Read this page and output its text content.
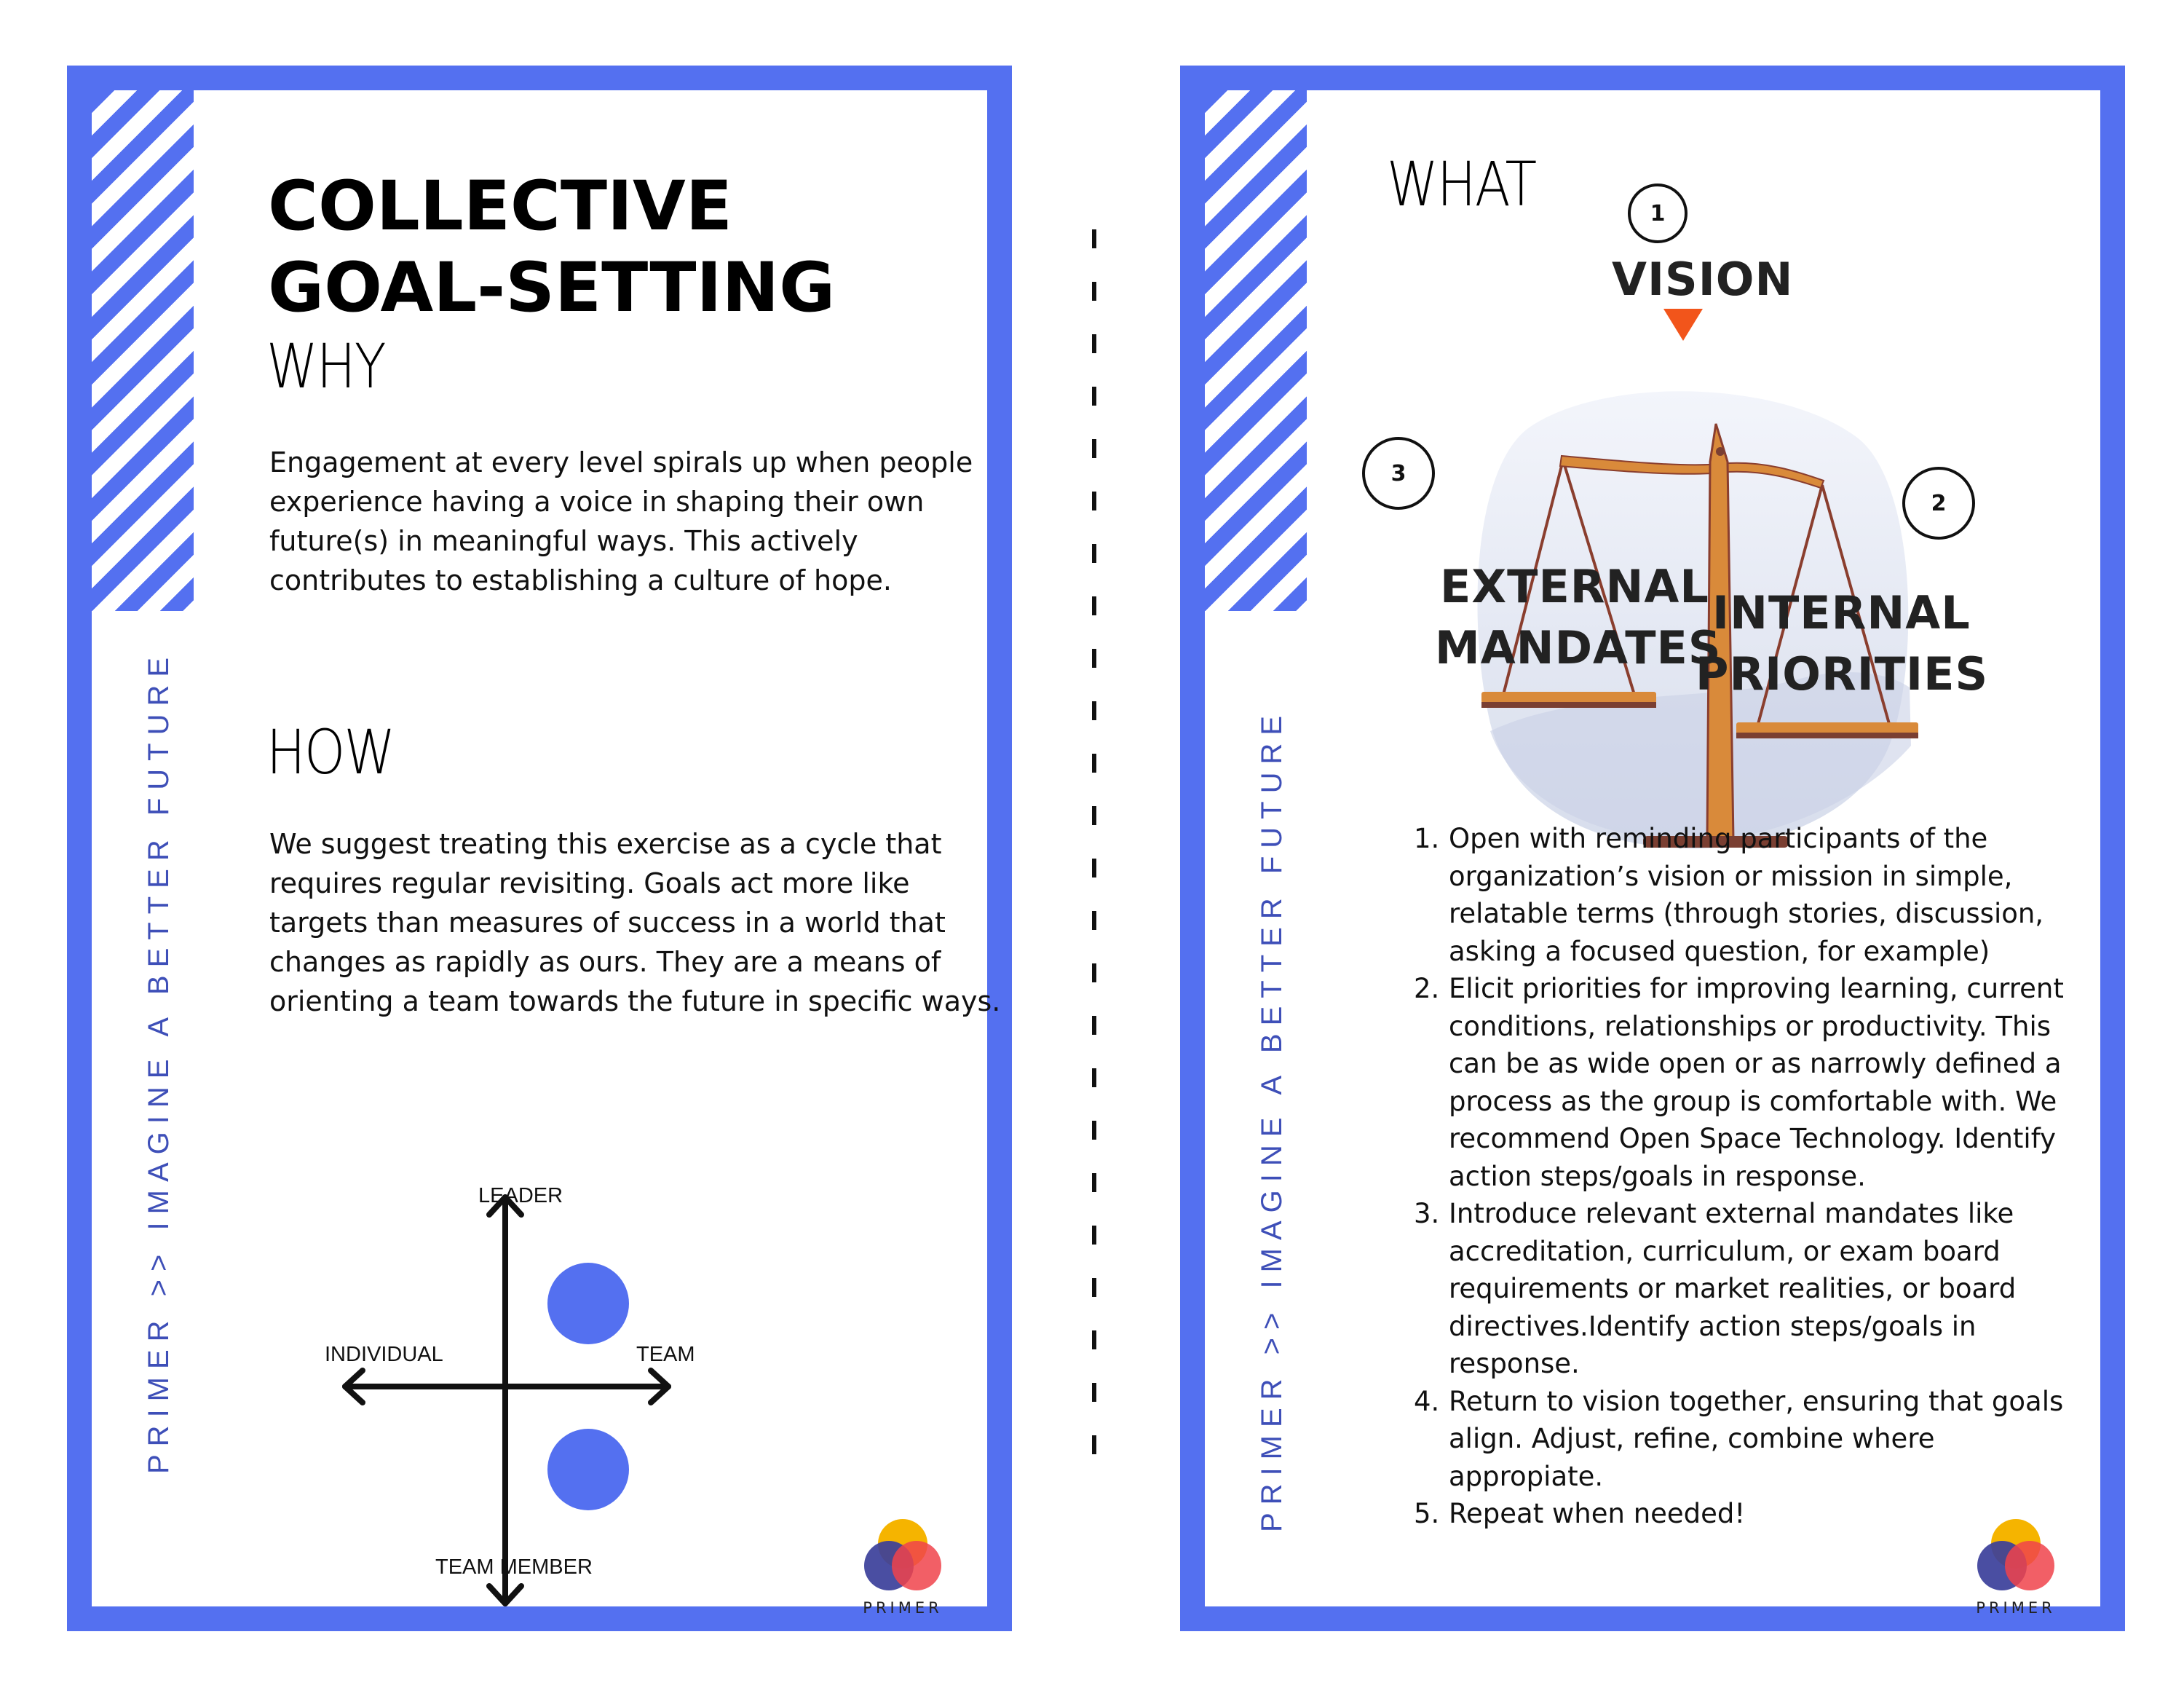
PRIMER >> IMAGINE A BETTER FUTURE
COLLECTIVE
GOAL-SETTING
WHY

Engagement at every level spirals up when people experience having a voice in shaping their own future(s) in meaningful ways. This actively contributes to establishing a culture of hope.

HOW

We suggest treating this exercise as a cycle that requires regular revisiting. Goals act more like targets than measures of success in a world that changes as rapidly as ours. They are a means of orienting a team towards the future in specific ways.

LEADER
INDIVIDUAL	TEAM
TEAM MEMBER
PRIMER
PRIMER >> IMAGINE A BETTER FUTURE
WHAT	1
VISION
3
EXTERNAL
MANDATES
2
INTERNAL
PRIORITIES
PRIMER
1. Open with reminding participants of the organization’s vision or mission in simple, relatable terms (through stories, discussion, asking a focused question, for example)
2. Elicit priorities for improving learning, current conditions, relationships or productivity. This can be as wide open or as narrowly defined a process as the group is comfortable with. We recommend Open Space Technology. Identify action steps/goals in response.
3. Introduce relevant external mandates like accreditation, curriculum, or exam board requirements or market realities, or board directives.Identify action steps/goals in response.
4. Return to vision together, ensuring that goals align. Adjust, refine, combine where appropiate.
5. Repeat when needed!
